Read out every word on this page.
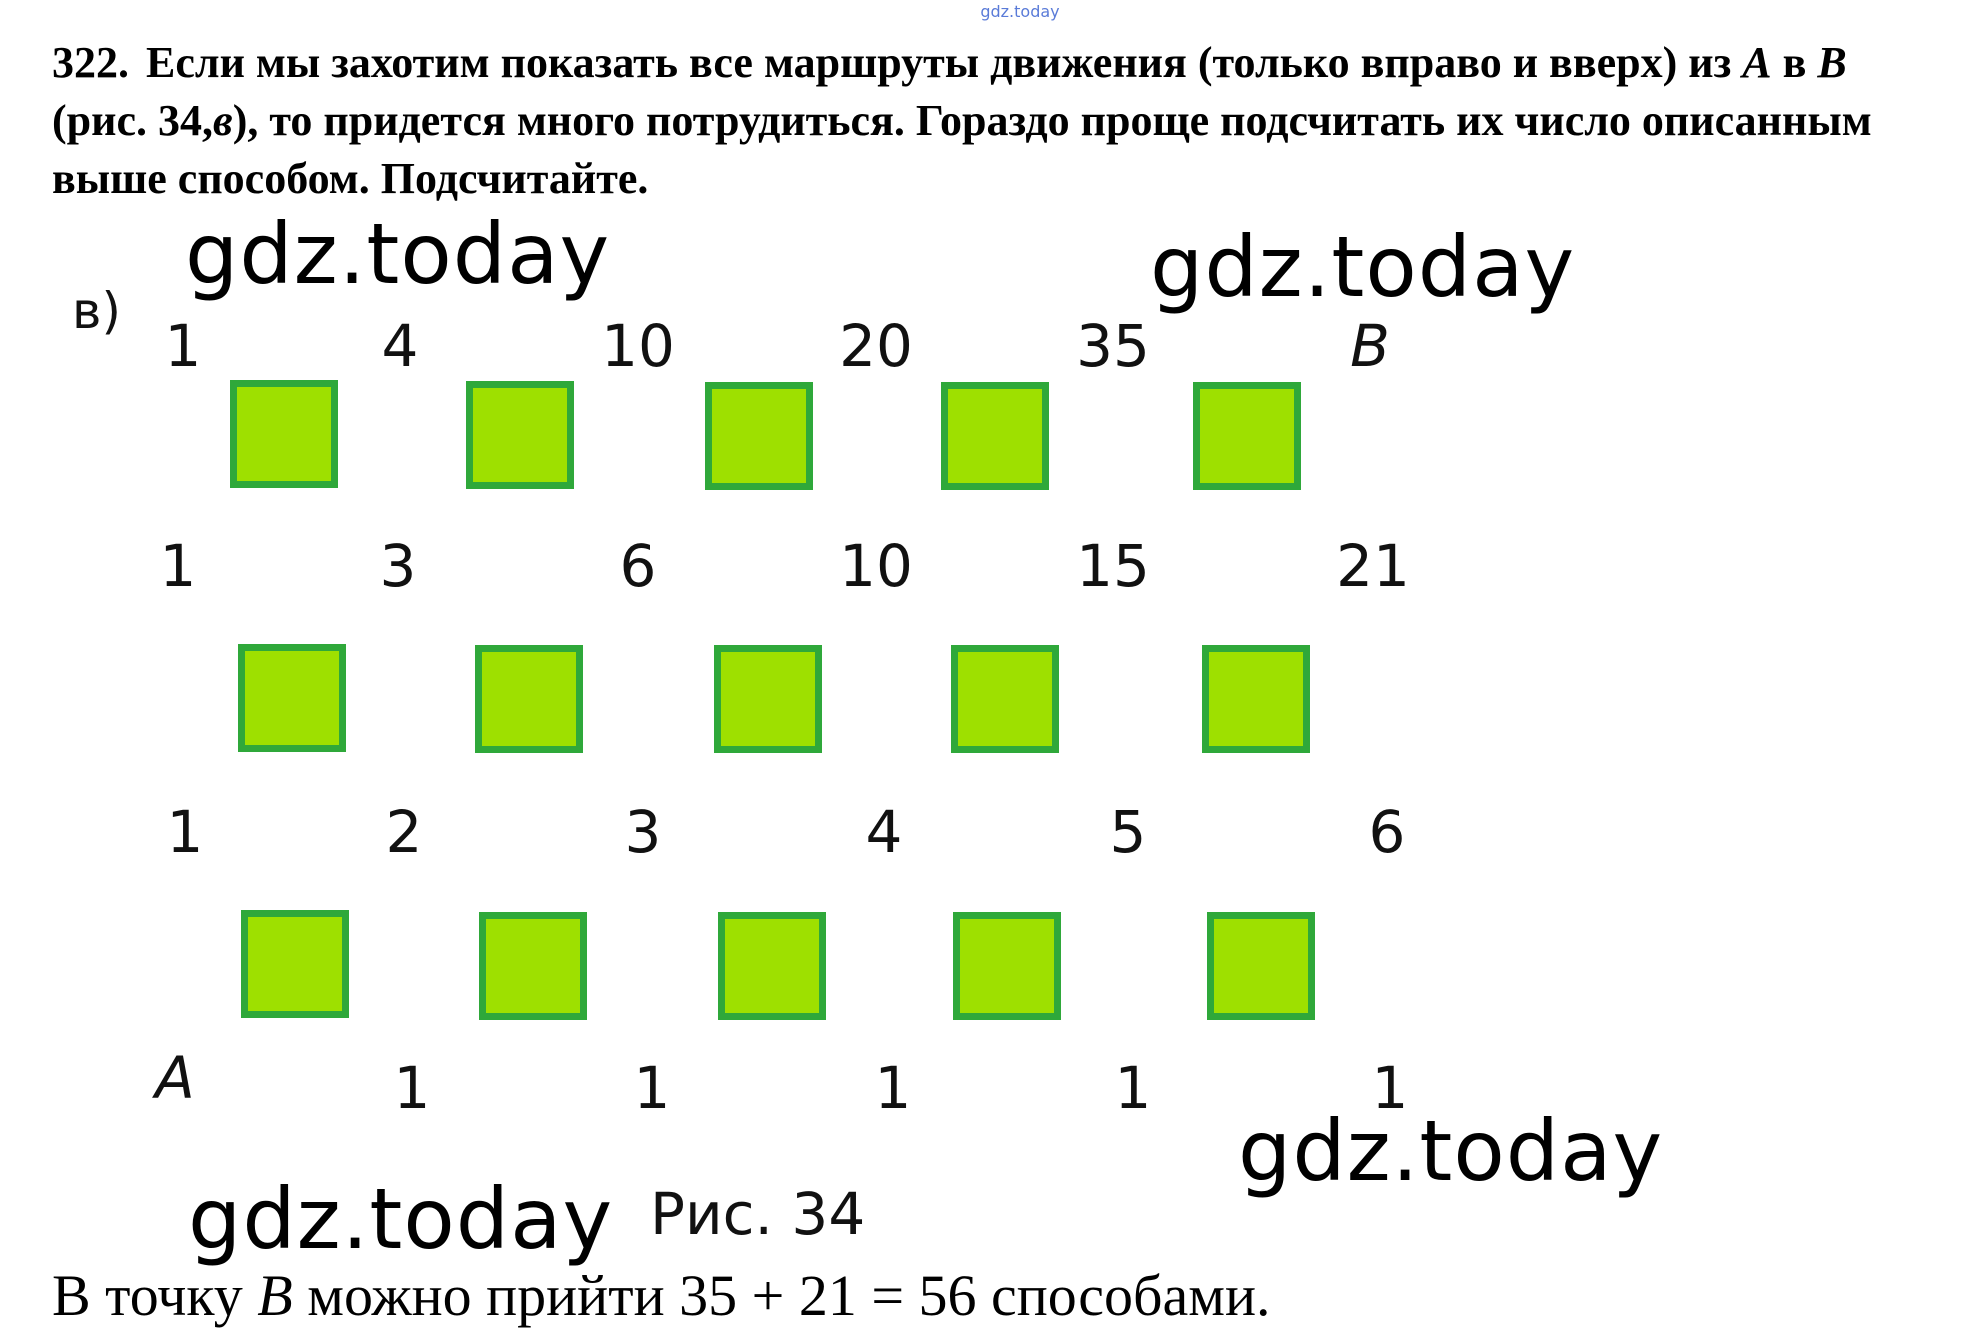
gdz.today
322. Если мы захотим показать все маршруты движения (только вправо и вверх) из A в B (рис. 34,в), то придется много потрудиться. Гораздо проще подсчитать их число описанным выше способом. Подсчитайте.
в)
1	4	10	20	35	B
1	3	6	10	15	21
1	2	3	4	5	6
A	1	1	1	1	1
Рис. 34
В точку B можно прийти 35 + 21 = 56 способами.
gdz.today	gdz.today
gdz.today
gdz.today
